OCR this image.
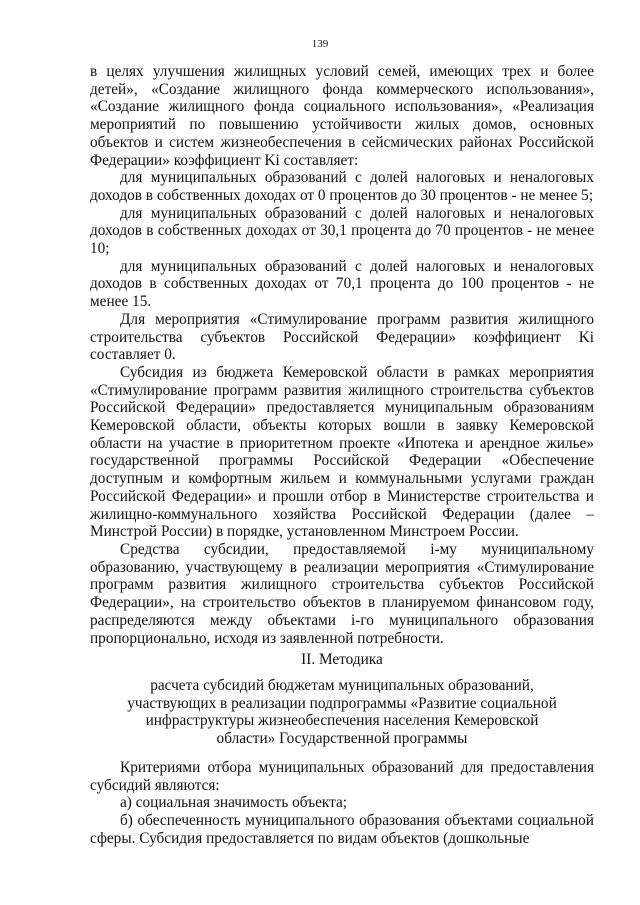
139

в целях улучшения жилищных условий семей, имеющих трех и более детей», «Создание жилищного фонда коммерческого использования», «Создание жилищного фонда социального использования», «Реализация мероприятий по повышению устойчивости жилых домов, основных объектов и систем жизнеобеспечения в сейсмических районах Российской Федерации» коэффициент Ki составляет:

для муниципальных образований с долей налоговых и неналоговых доходов в собственных доходах от 0 процентов до 30 процентов - не менее 5;

для муниципальных образований с долей налоговых и неналоговых доходов в собственных доходах от 30,1 процента до 70 процентов - не менее 10;

для муниципальных образований с долей налоговых и неналоговых доходов в собственных доходах от 70,1 процента до 100 процентов - не менее 15.

Для мероприятия «Стимулирование программ развития жилищного строительства субъектов Российской Федерации» коэффициент Ki составляет 0.

Субсидия из бюджета Кемеровской области в рамках мероприятия «Стимулирование программ развития жилищного строительства субъектов Российской Федерации» предоставляется муниципальным образованиям Кемеровской области, объекты которых вошли в заявку Кемеровской области на участие в приоритетном проекте «Ипотека и арендное жилье» государственной программы Российской Федерации «Обеспечение доступным и комфортным жильем и коммунальными услугами граждан Российской Федерации» и прошли отбор в Министерстве строительства и жилищно-коммунального хозяйства Российской Федерации (далее – Минстрой России) в порядке, установленном Минстроем России.

Средства субсидии, предоставляемой i-му муниципальному образованию, участвующему в реализации мероприятия «Стимулирование программ развития жилищного строительства субъектов Российской Федерации», на строительство объектов в планируемом финансовом году, распределяются между объектами i-го муниципального образования пропорционально, исходя из заявленной потребности.

II. Методика
расчета субсидий бюджетам муниципальных образований,
участвующих в реализации подпрограммы «Развитие социальной
инфраструктуры жизнеобеспечения населения Кемеровской
области» Государственной программы

Критериями отбора муниципальных образований для предоставления субсидий являются:

а) социальная значимость объекта;

б) обеспеченность муниципального образования объектами социальной сферы. Субсидия предоставляется по видам объектов (дошкольные
